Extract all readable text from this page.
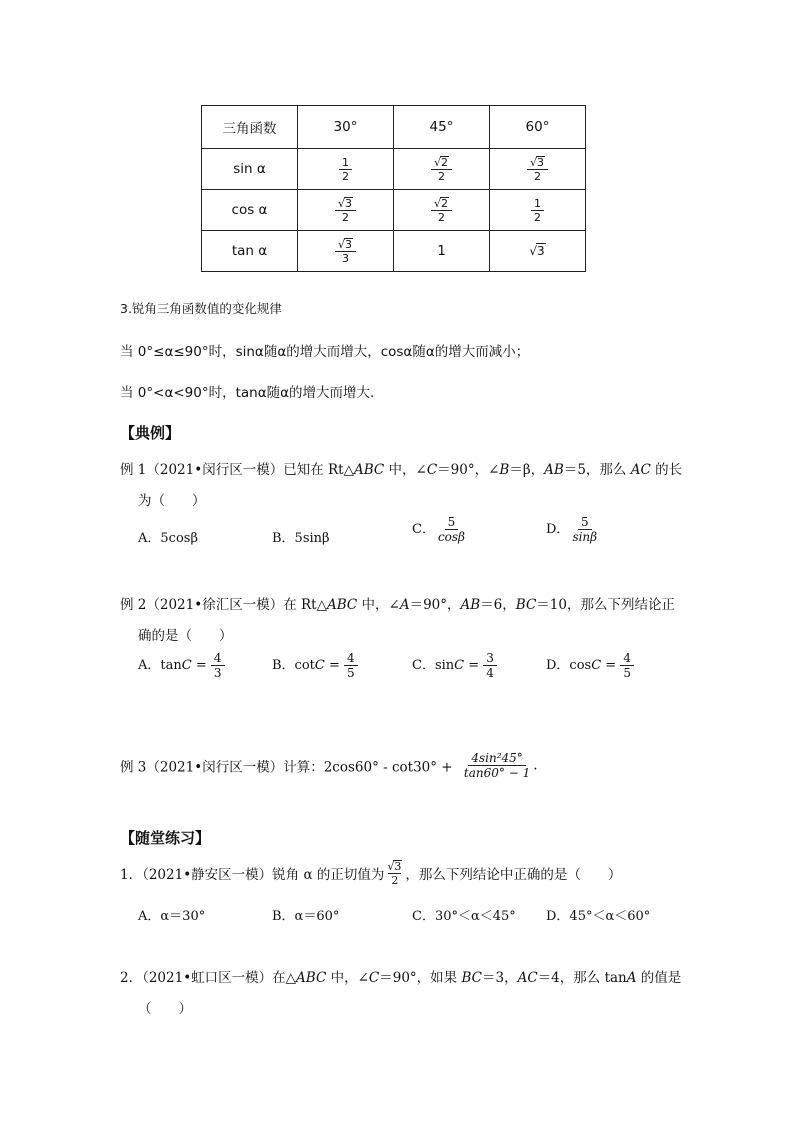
三角函数	30°	45°	60°
sin α	$\frac{1}{2}$	$\frac{√2}{2}$	$\frac{√3}{2}$

cos α	$\frac{√3}{2}$	$\frac{√2}{2}$	$\frac{1}{2}$

tan α	$\frac{√3}{3}$	1	√3
3.锐角三角函数值的变化规律
当 0°≤α≤90°时，sinα随α的增大而增大，cosα随α的增大而减小；
当 0°<α<90°时，tanα随α的增大而增大．
【典例】
例 1（2021•闵行区一模）已知在 Rt△ABC 中，∠C＝90°，∠B＝β，AB＝5，那么 AC 的长
为（　　）
A．5cosβ	B．5sinβ
C． $\frac{5}{\cos\beta}$	D． $\frac{5}{\sin\beta}$
例 2（2021•徐汇区一模）在 Rt△ABC 中，∠A＝90°，AB＝6，BC＝10，那么下列结论正
确的是（　　）
A．$\tan C = \frac{4}{3}$	B．$\cot C = \frac{4}{5}$	C．$\sin C = \frac{3}{4}$	D．$\cos C = \frac{4}{5}$
例 3（2021•闵行区一模）计算：$2\cos 60^\circ - \cot 30^\circ + \frac{\text{4sin²45°}}{\tan 60^\circ - 1}$ .
【随堂练习】
1．（2021•静安区一模）锐角 α 的正切值为 $\frac{√3}{2}$ ，那么下列结论中正确的是（　　）
A．α＝30°	B．α＝60°	C．30°＜α＜45° D．45°＜α＜60°
2．（2021•虹口区一模）在△ABC 中，∠C＝90°，如果 BC＝3，AC＝4，那么 tanA 的值是
（　　）
